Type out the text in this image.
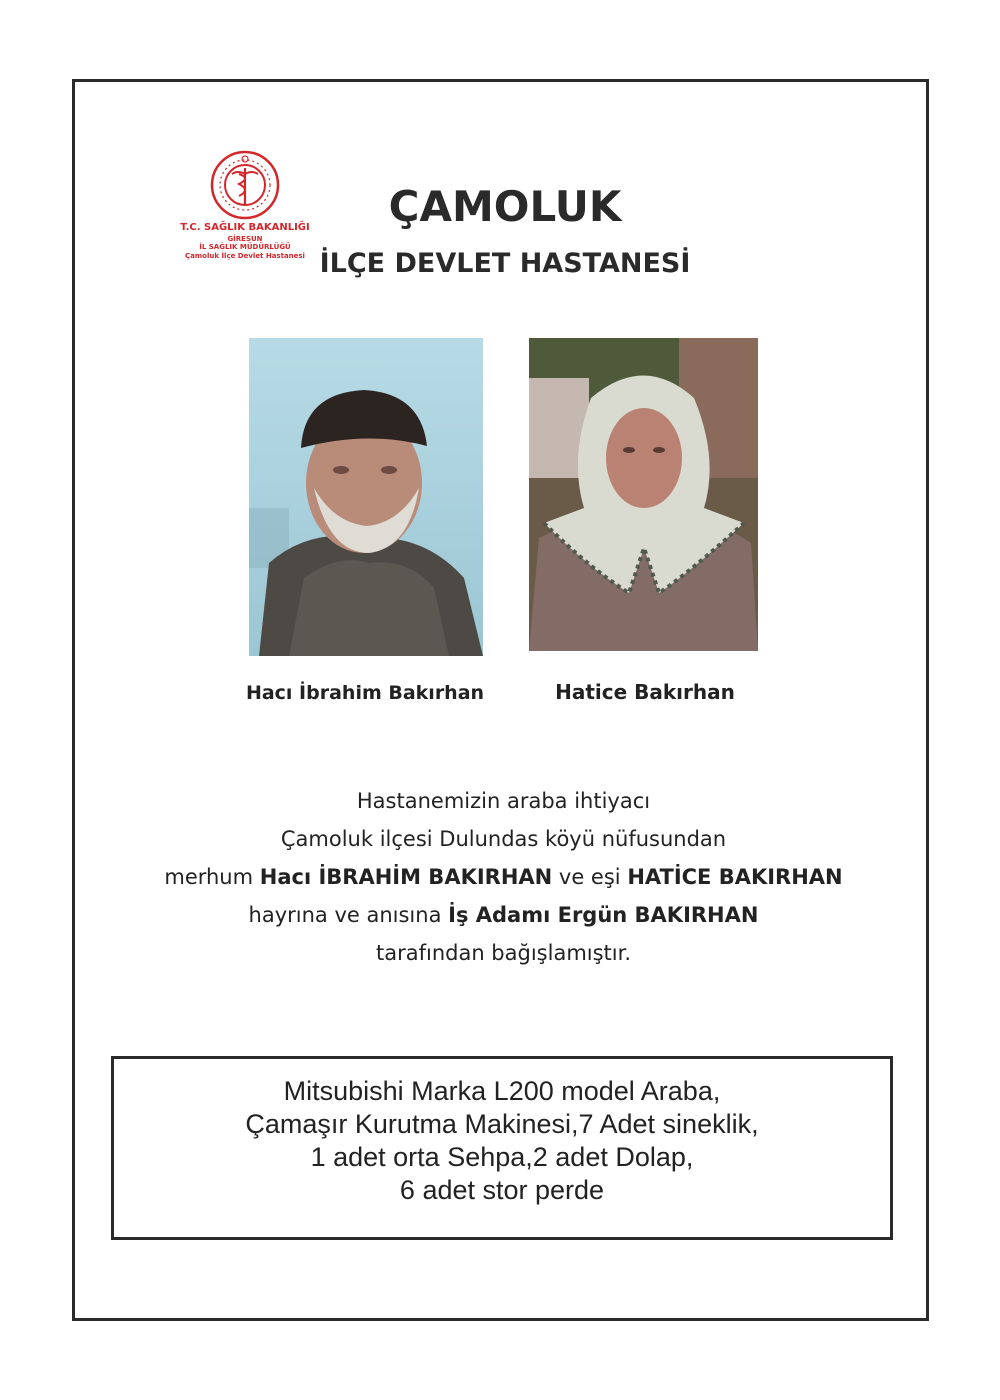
T.C. SAĞLIK BAKANLIĞI
GİRESUN
İL SAĞLIK MÜDÜRLÜĞÜ
Çamoluk İlçe Devlet Hastanesi
ÇAMOLUK
İLÇE DEVLET HASTANESİ
Hacı İbrahim Bakırhan	Hatice Bakırhan
Hastanemizin araba ihtiyacı
Çamoluk ilçesi Dulundas köyü nüfusundan
merhum Hacı İBRAHİM BAKIRHAN ve eşi HATİCE BAKIRHAN
hayrına ve anısına İş Adamı Ergün BAKIRHAN
tarafından bağışlamıştır.
Mitsubishi Marka L200 model Araba,
Çamaşır Kurutma Makinesi,7 Adet sineklik,
1 adet orta Sehpa,2 adet Dolap,
6 adet stor perde
